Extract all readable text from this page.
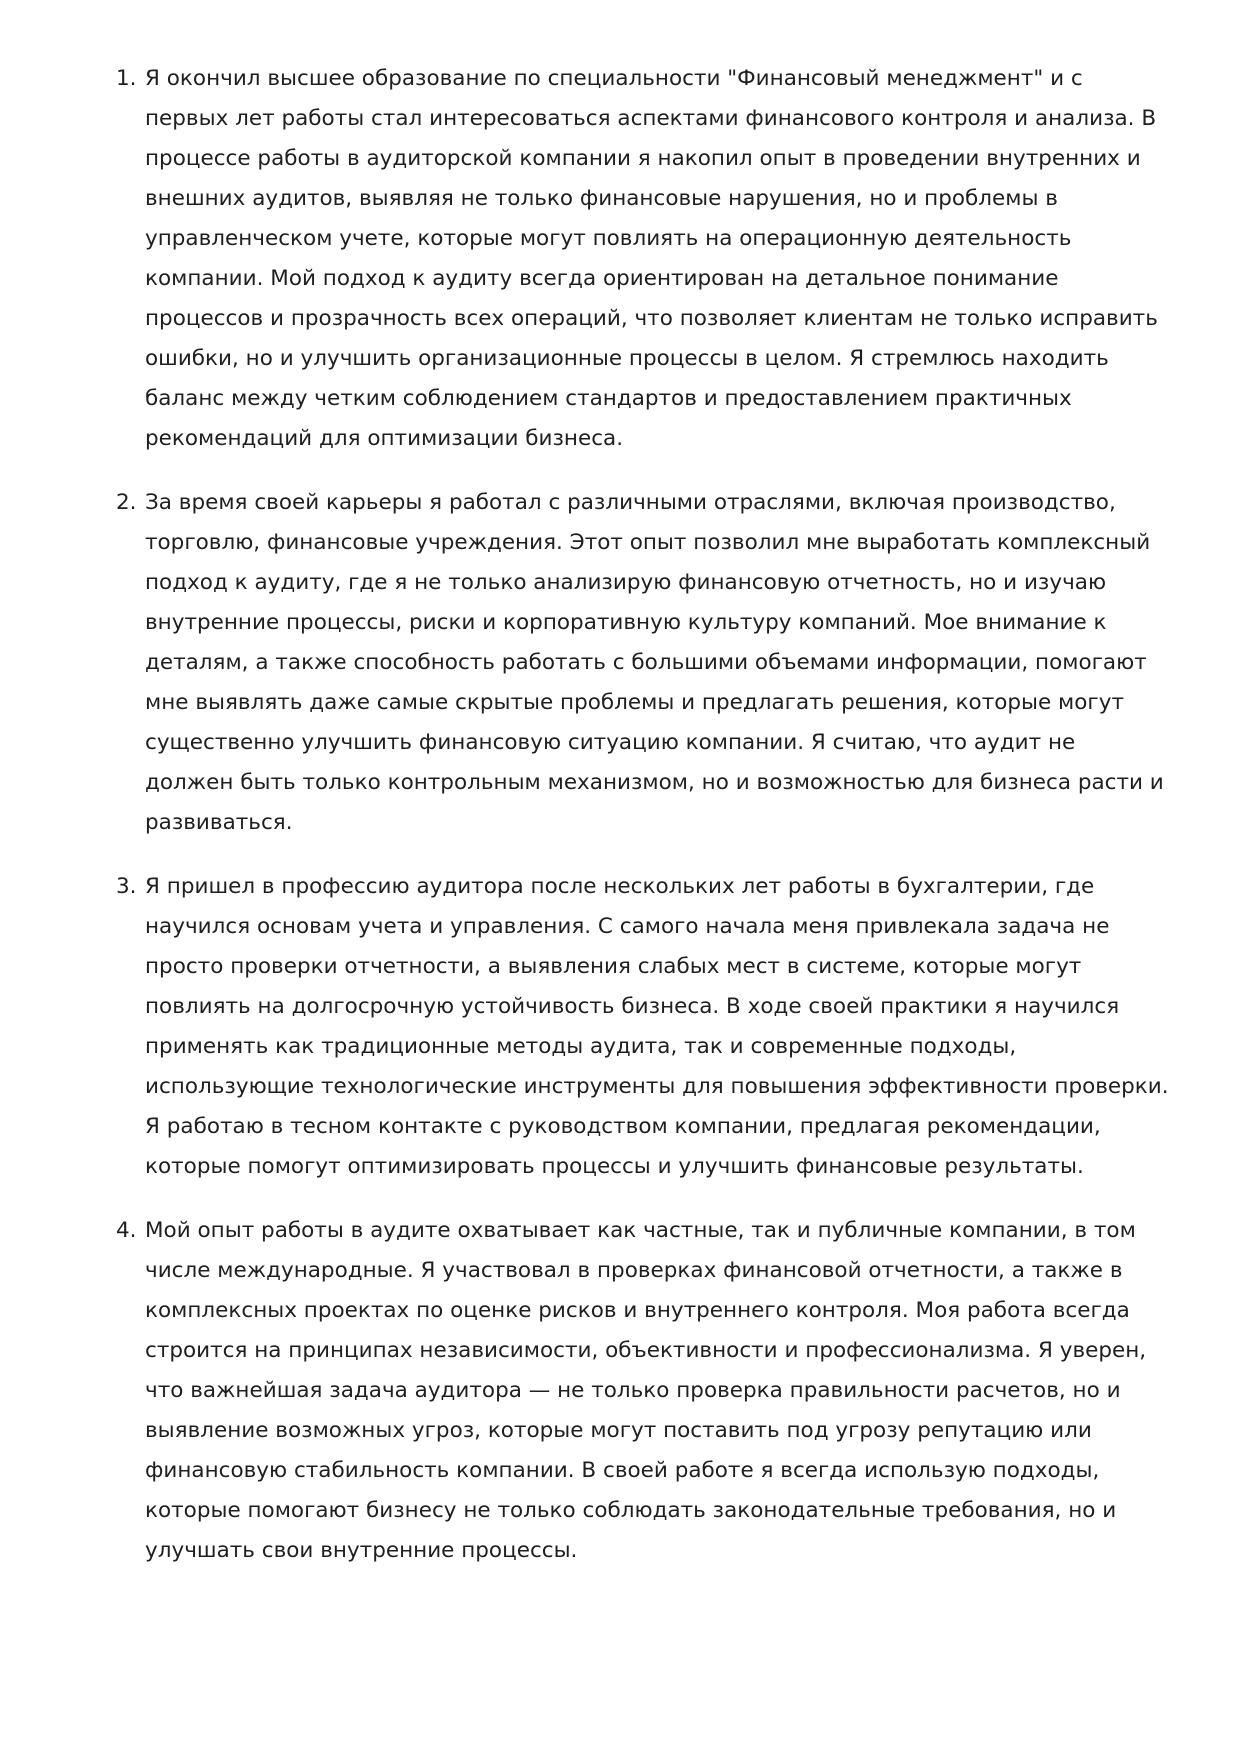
1. Я окончил высшее образование по специальности "Финансовый менеджмент" и с первых лет работы стал интересоваться аспектами финансового контроля и анализа. В процессе работы в аудиторской компании я накопил опыт в проведении внутренних и внешних аудитов, выявляя не только финансовые нарушения, но и проблемы в управленческом учете, которые могут повлиять на операционную деятельность компании. Мой подход к аудиту всегда ориентирован на детальное понимание процессов и прозрачность всех операций, что позволяет клиентам не только исправить ошибки, но и улучшить организационные процессы в целом. Я стремлюсь находить баланс между четким соблюдением стандартов и предоставлением практичных рекомендаций для оптимизации бизнеса.
2. За время своей карьеры я работал с различными отраслями, включая производство, торговлю, финансовые учреждения. Этот опыт позволил мне выработать комплексный подход к аудиту, где я не только анализирую финансовую отчетность, но и изучаю внутренние процессы, риски и корпоративную культуру компаний. Мое внимание к деталям, а также способность работать с большими объемами информации, помогают мне выявлять даже самые скрытые проблемы и предлагать решения, которые могут существенно улучшить финансовую ситуацию компании. Я считаю, что аудит не должен быть только контрольным механизмом, но и возможностью для бизнеса расти и развиваться.
3. Я пришел в профессию аудитора после нескольких лет работы в бухгалтерии, где научился основам учета и управления. С самого начала меня привлекала задача не просто проверки отчетности, а выявления слабых мест в системе, которые могут повлиять на долгосрочную устойчивость бизнеса. В ходе своей практики я научился применять как традиционные методы аудита, так и современные подходы, использующие технологические инструменты для повышения эффективности проверки. Я работаю в тесном контакте с руководством компании, предлагая рекомендации, которые помогут оптимизировать процессы и улучшить финансовые результаты.
4. Мой опыт работы в аудите охватывает как частные, так и публичные компании, в том числе международные. Я участвовал в проверках финансовой отчетности, а также в комплексных проектах по оценке рисков и внутреннего контроля. Моя работа всегда строится на принципах независимости, объективности и профессионализма. Я уверен, что важнейшая задача аудитора — не только проверка правильности расчетов, но и выявление возможных угроз, которые могут поставить под угрозу репутацию или финансовую стабильность компании. В своей работе я всегда использую подходы, которые помогают бизнесу не только соблюдать законодательные требования, но и улучшать свои внутренние процессы.
